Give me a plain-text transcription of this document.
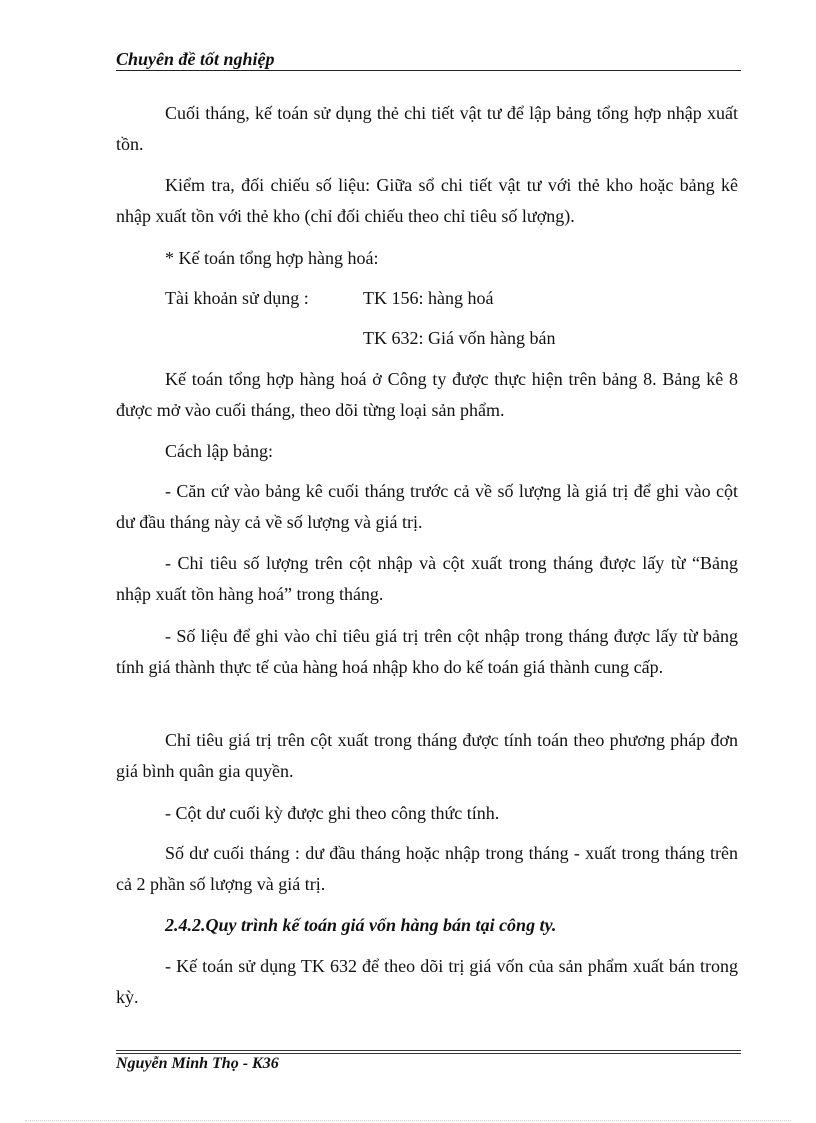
Chuyên đề tốt nghiệp

Cuối tháng, kế toán sử dụng thẻ chi tiết vật tư để lập bảng tổng hợp nhập xuất tồn.

Kiểm tra, đối chiếu số liệu: Giữa sổ chi tiết vật tư với thẻ kho hoặc bảng kê nhập xuất tồn với thẻ kho (chỉ đối chiếu theo chỉ tiêu số lượng).

* Kế toán tổng hợp hàng hoá:

Tài khoản sử dụng :	TK 156: hàng hoá

TK 632: Giá vốn hàng bán

Kế toán tổng hợp hàng hoá ở Công ty được thực hiện trên bảng 8. Bảng kê 8 được mở vào cuối tháng, theo dõi từng loại sản phẩm.

Cách lập bảng:

- Căn cứ vào bảng kê cuối tháng trước cả về số lượng là giá trị để ghi vào cột dư đầu tháng này cả về số lượng và giá trị.

- Chỉ tiêu số lượng trên cột nhập và cột xuất trong tháng được lấy từ “Bảng nhập xuất tồn hàng hoá” trong tháng.

- Số liệu để ghi vào chỉ tiêu giá trị trên cột nhập trong tháng được lấy từ bảng tính giá thành thực tế của hàng hoá nhập kho do kế toán giá thành cung cấp.

Chỉ tiêu giá trị trên cột xuất trong tháng được tính toán theo phương pháp đơn giá bình quân gia quyền.

- Cột dư cuối kỳ được ghi theo công thức tính.

Số dư cuối tháng : dư đầu tháng hoặc nhập trong tháng - xuất trong tháng trên cả 2 phần số lượng và giá trị.

2.4.2.Quy trình kế toán giá vốn hàng bán tại công ty.

- Kế toán sử dụng TK 632 để theo dõi trị giá vốn của sản phẩm xuất bán trong kỳ.

Nguyễn Minh Thọ - K36
